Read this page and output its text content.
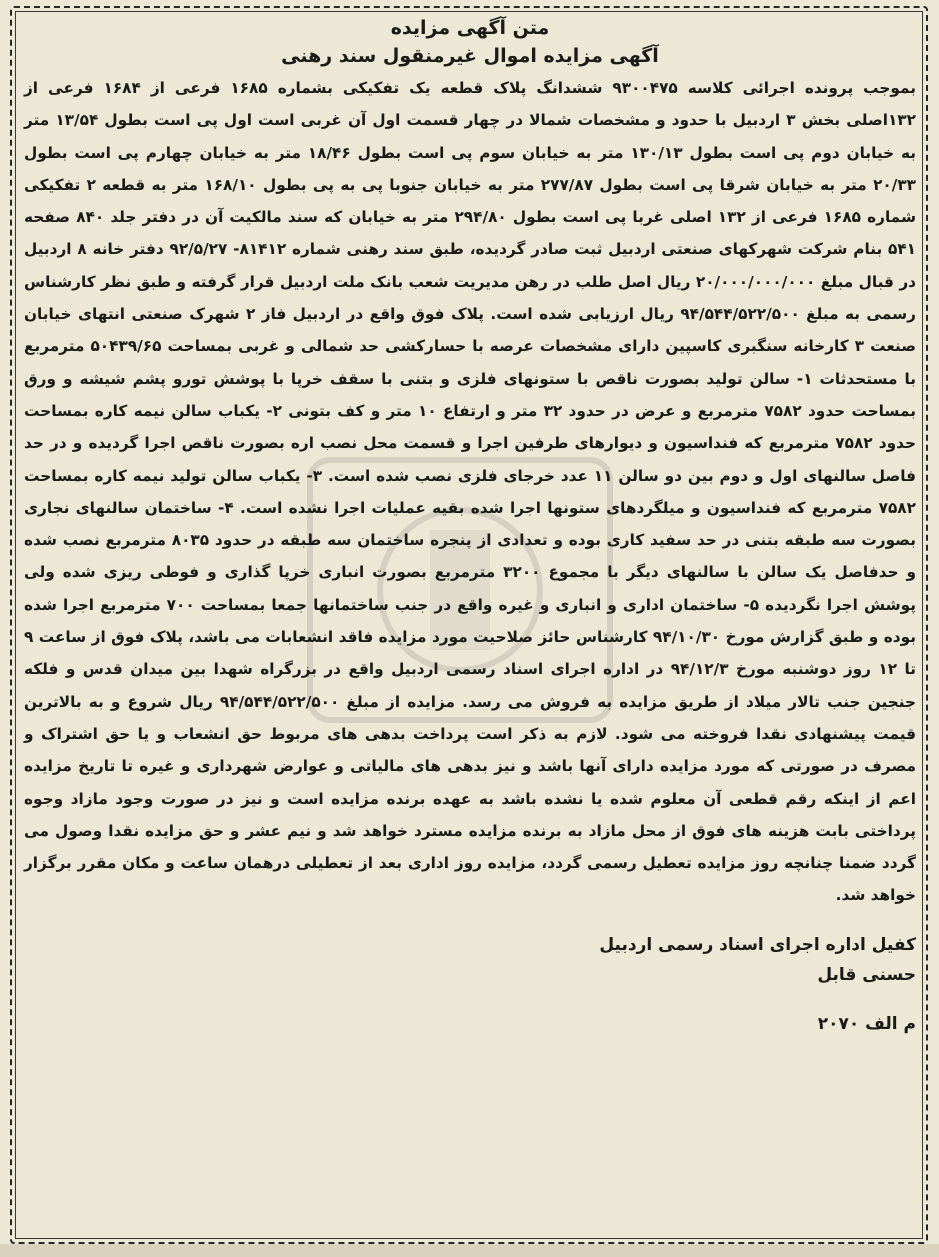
متن آگهی مزایده

آگهی مزایده اموال غیرمنقول سند رهنی

بموجب پرونده اجرائی کلاسه ۹۳۰۰۴۷۵ ششدانگ پلاک قطعه یک تفکیکی بشماره ۱۶۸۵ فرعی از ۱۶۸۴ فرعی از ۱۳۲اصلی بخش ۳ اردبیل با حدود و مشخصات شمالا در چهار قسمت اول آن غربی است اول پی است بطول ۱۳/۵۴ متر به خیابان دوم پی است بطول ۱۳۰/۱۳ متر به خیابان سوم پی است بطول ۱۸/۴۶ متر به خیابان چهارم پی است بطول ۲۰/۳۳ متر به خیابان شرقا پی است بطول ۲۷۷/۸۷ متر به خیابان جنوبا پی به پی بطول ۱۶۸/۱۰ متر به قطعه ۲ تفکیکی شماره ۱۶۸۵ فرعی از ۱۳۲ اصلی غربا پی است بطول ۲۹۴/۸۰ متر به خیابان که سند مالکیت آن در دفتر جلد ۸۴۰ صفحه ۵۴۱ بنام شرکت شهرکهای صنعتی اردبیل ثبت صادر گردیده، طبق سند رهنی شماره ۸۱۴۱۲- ۹۲/۵/۲۷ دفتر خانه ۸ اردبیل در قبال مبلغ ۲۰/۰۰۰/۰۰۰/۰۰۰ ریال اصل طلب در رهن مدیریت شعب بانک ملت اردبیل قرار گرفته و طبق نظر کارشناس رسمی به مبلغ ۹۴/۵۴۴/۵۲۲/۵۰۰ ریال ارزیابی شده است. پلاک فوق واقع در اردبیل فاز ۲ شهرک صنعتی انتهای خیابان صنعت ۳ کارخانه سنگبری کاسپین دارای مشخصات عرصه با حسارکشی حد شمالی و غربی بمساحت ۵۰۴۳۹/۶۵ مترمربع با مستحدثات ۱- سالن تولید بصورت ناقص با ستونهای فلزی و بتنی با سقف خرپا با پوشش تورو پشم شیشه و ورق بمساحت حدود ۷۵۸۲ مترمربع و عرض در حدود ۳۲ متر و ارتفاع ۱۰ متر و کف بتونی ۲- یکباب سالن نیمه کاره بمساحت حدود ۷۵۸۲ مترمربع که فنداسیون و دیوارهای طرفین اجرا و قسمت محل نصب اره بصورت ناقص اجرا گردیده و در حد فاصل سالنهای اول و دوم بین دو سالن ۱۱ عدد خرجای فلزی نصب شده است. ۳- یکباب سالن تولید نیمه کاره بمساحت ۷۵۸۲ مترمربع که فنداسیون و میلگردهای ستونها اجرا شده بقیه عملیات اجرا نشده است. ۴- ساختمان سالنهای نجاری بصورت سه طبقه بتنی در حد سفید کاری بوده و تعدادی از پنجره ساختمان سه طبقه در حدود ۸۰۳۵ مترمربع نصب شده و حدفاصل یک سالن با سالنهای دیگر با مجموع ۳۲۰۰ مترمربع بصورت انباری خرپا گذاری و فوطی ریزی شده ولی پوشش اجرا نگردیده ۵- ساختمان اداری و انباری و غیره واقع در جنب ساختمانها جمعا بمساحت ۷۰۰ مترمربع اجرا شده بوده و طبق گزارش مورخ ۹۴/۱۰/۳۰ کارشناس حائز صلاحیت مورد مزایده فاقد انشعابات می باشد، پلاک فوق از ساعت ۹ تا ۱۲ روز دوشنبه مورخ ۹۴/۱۲/۳ در اداره اجرای اسناد رسمی اردبیل واقع در بزرگراه شهدا بین میدان قدس و فلکه جنجین جنب تالار میلاد از طریق مزایده به فروش می رسد. مزایده از مبلغ ۹۴/۵۴۴/۵۲۲/۵۰۰ ریال شروع و به بالاترین قیمت پیشنهادی نقدا فروخته می شود. لازم به ذکر است پرداخت بدهی های مربوط حق انشعاب و یا حق اشتراک و مصرف در صورتی که مورد مزایده دارای آنها باشد و نیز بدهی های مالیاتی و عوارض شهرداری و غیره تا تاریخ مزایده اعم از اینکه رقم قطعی آن معلوم شده یا نشده باشد به عهده برنده مزایده است و نیز در صورت وجود مازاد وجوه پرداختی بابت هزینه های فوق از محل مازاد به برنده مزایده مسترد خواهد شد و نیم عشر و حق مزایده نقدا وصول می گردد ضمنا چنانچه روز مزایده تعطیل رسمی گردد، مزایده روز اداری بعد از تعطیلی درهمان ساعت و مکان مقرر برگزار خواهد شد.

کفیل اداره اجرای اسناد رسمی اردبیل
حسنی قابل
م الف ۲۰۷۰
